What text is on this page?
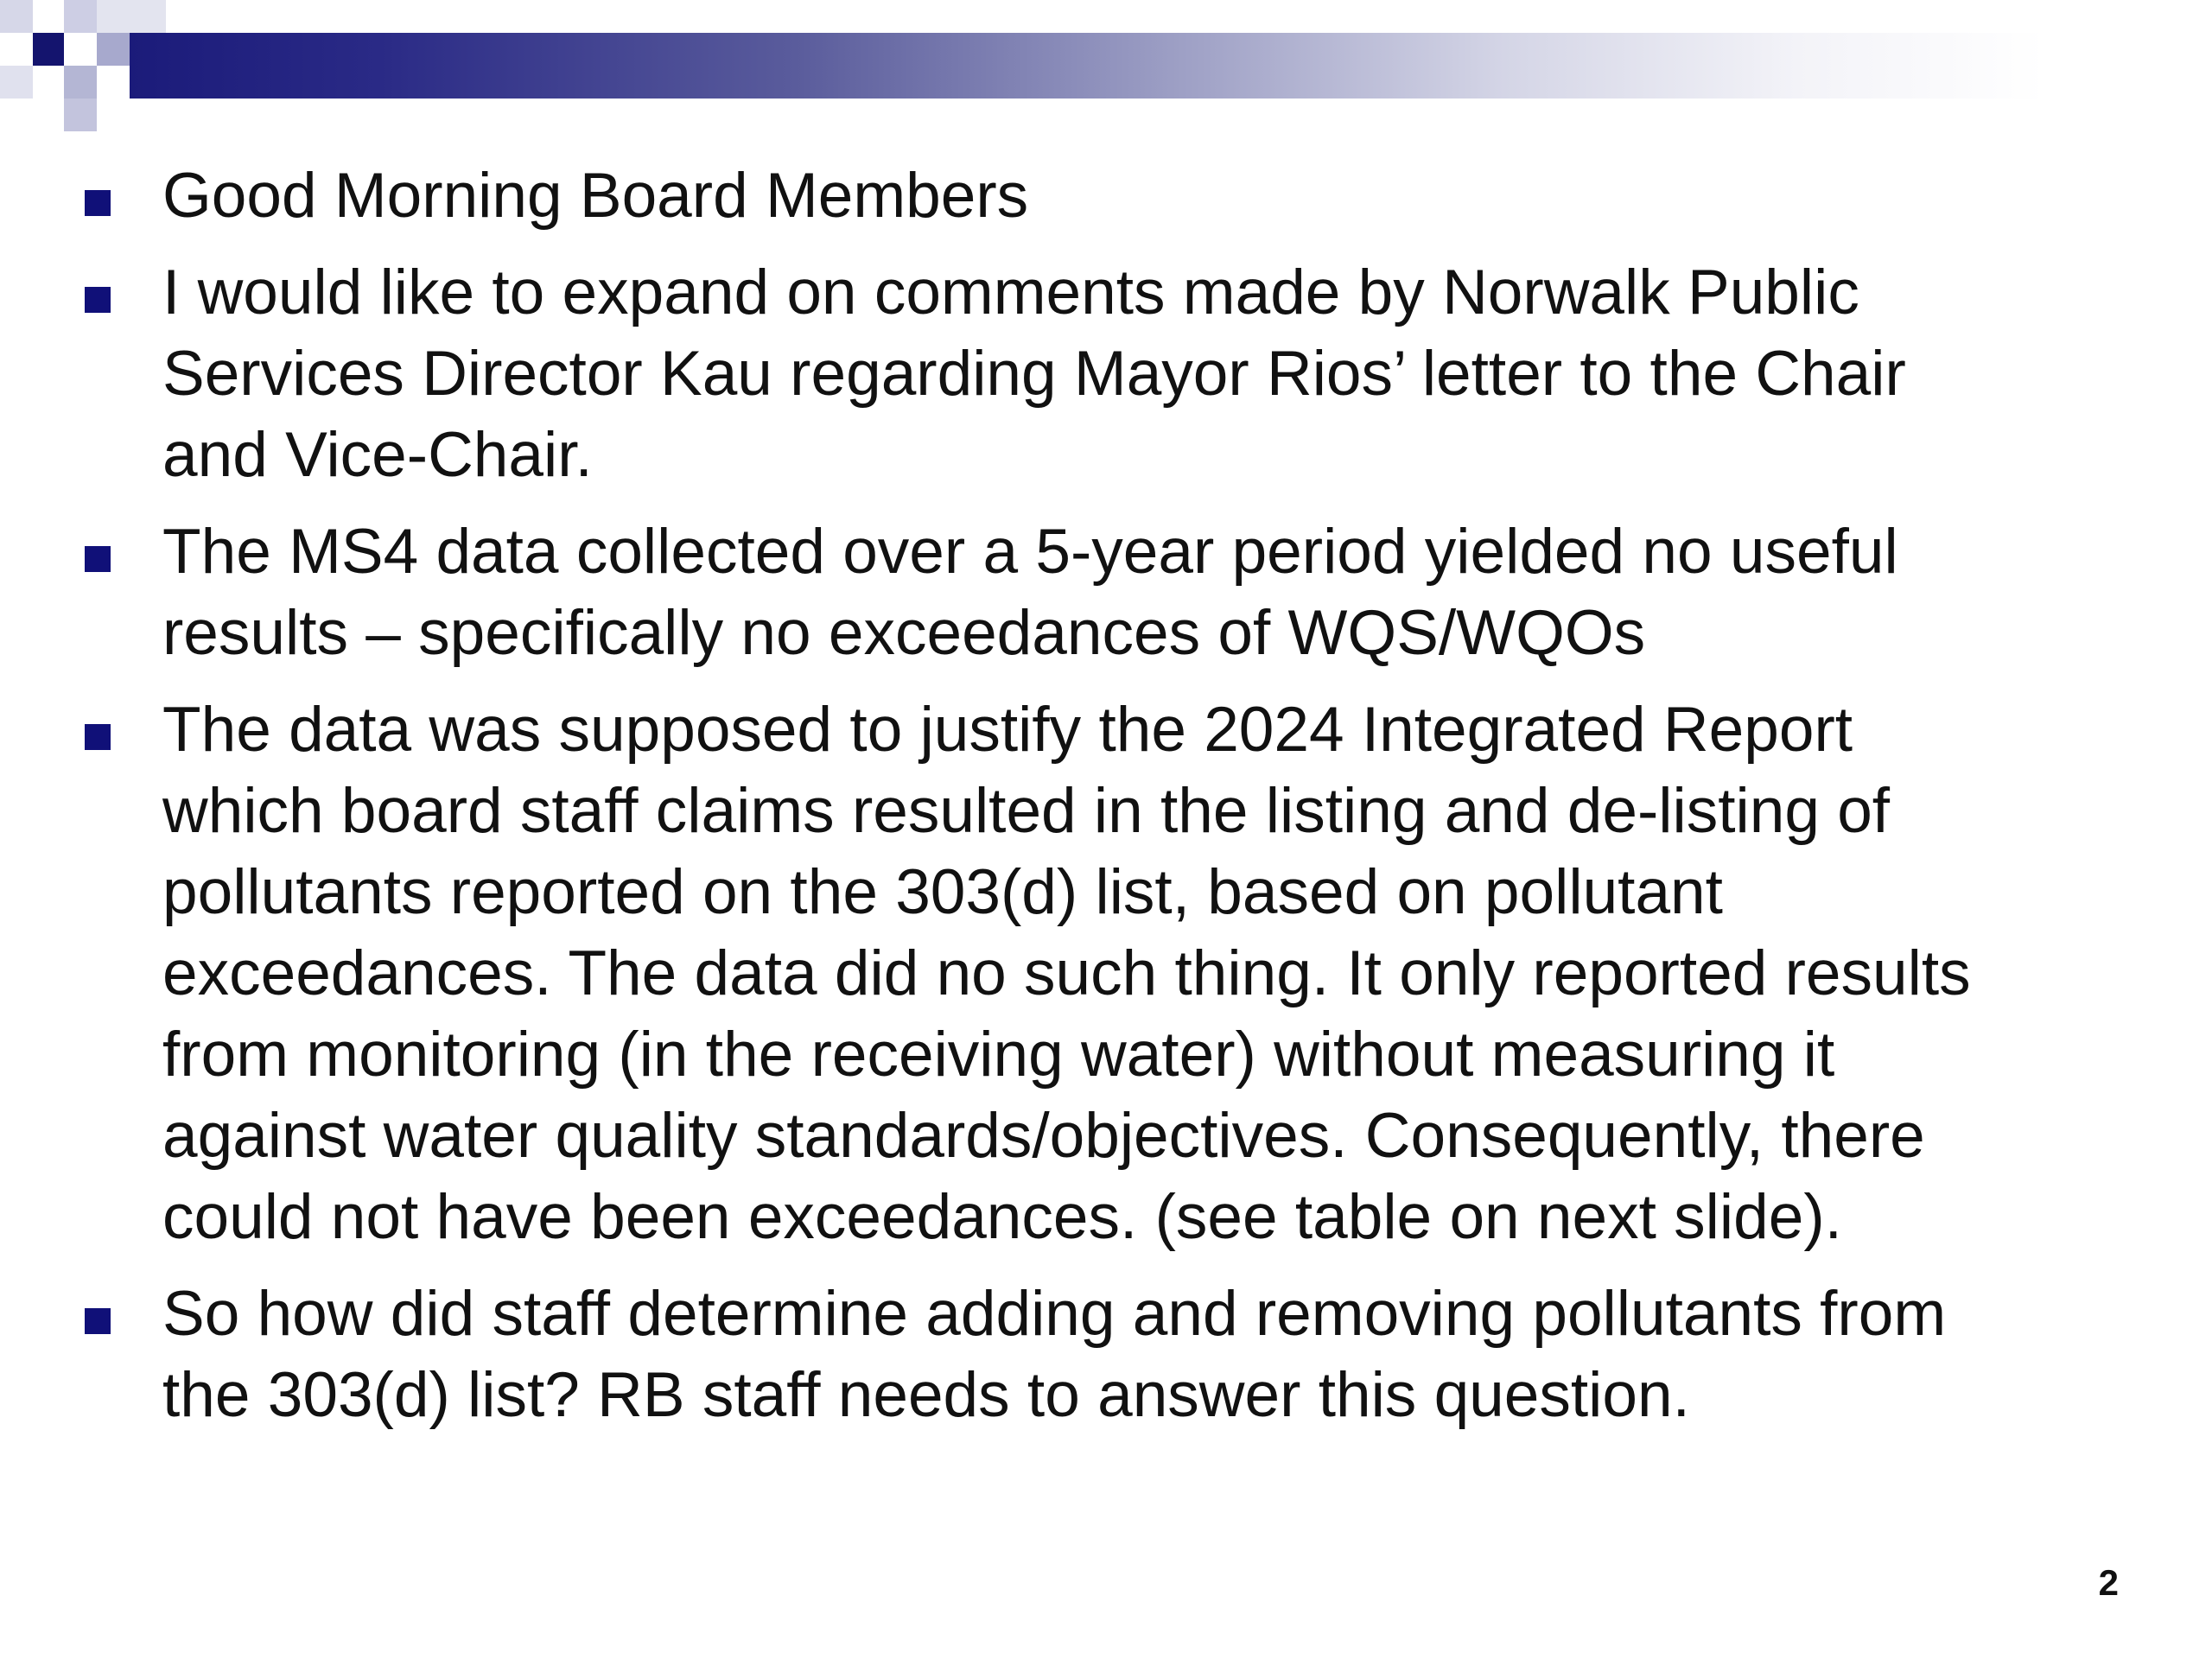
Good Morning Board Members
I would like to expand on comments made by Norwalk Public
Services Director Kau regarding Mayor Rios’ letter to the Chair
and Vice-Chair.
The MS4 data collected over a 5-year period yielded no useful
results – specifically no exceedances of WQS/WQOs
The data was supposed to justify the 2024 Integrated Report
which board staff claims resulted in the listing and de-listing of
pollutants reported on the 303(d) list, based on pollutant
exceedances. The data did no such thing. It only reported results
from monitoring (in the receiving water) without measuring it
against water quality standards/objectives. Consequently, there
could not have been exceedances. (see table on next slide).
So how did staff determine adding and removing pollutants from
the 303(d) list? RB staff needs to answer this question.
2
